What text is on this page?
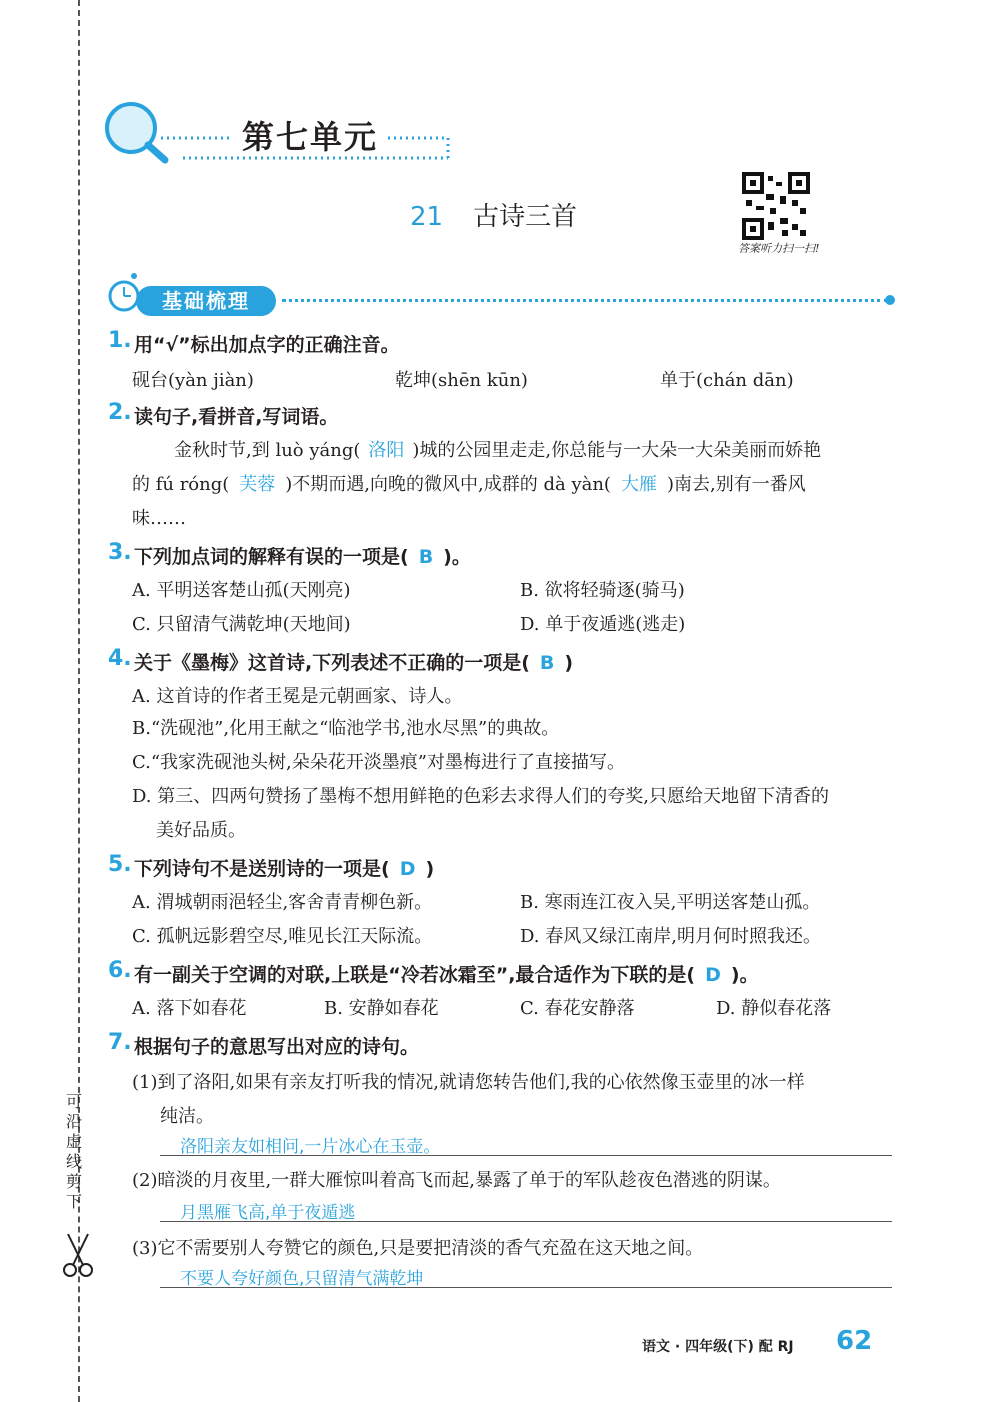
可沿虚线剪下
第七单元
21 古诗三首
答案听力扫一扫!
基础梳理
1. 用“√”标出加点字的正确注音。
砚台(yàn jiàn)	乾坤(shēn kūn)	单于(chán dān)
2. 读句子,看拼音,写词语。
金秋时节,到 luò yáng( 洛阳 )城的公园里走走,你总能与一大朵一大朵美丽而娇艳
的 fú róng( 芙蓉 )不期而遇,向晚的微风中,成群的 dà yàn( 大雁 )南去,别有一番风
味……
3. 下列加点词的解释有误的一项是( B )。
A. 平明送客楚山孤(天刚亮)	B. 欲将轻骑逐(骑马)
C. 只留清气满乾坤(天地间)	D. 单于夜遁逃(逃走)
4. 关于《墨梅》这首诗,下列表述不正确的一项是( B )
A. 这首诗的作者王冕是元朝画家、诗人。
B.“洗砚池”,化用王献之“临池学书,池水尽黑”的典故。
C.“我家洗砚池头树,朵朵花开淡墨痕”对墨梅进行了直接描写。
D. 第三、四两句赞扬了墨梅不想用鲜艳的色彩去求得人们的夸奖,只愿给天地留下清香的
美好品质。
5. 下列诗句不是送别诗的一项是( D )
A. 渭城朝雨浥轻尘,客舍青青柳色新。	B. 寒雨连江夜入吴,平明送客楚山孤。
C. 孤帆远影碧空尽,唯见长江天际流。	D. 春风又绿江南岸,明月何时照我还。
6. 有一副关于空调的对联,上联是“冷若冰霜至”,最合适作为下联的是( D )。
A. 落下如春花	B. 安静如春花	C. 春花安静落	D. 静似春花落
7. 根据句子的意思写出对应的诗句。
(1)到了洛阳,如果有亲友打听我的情况,就请您转告他们,我的心依然像玉壶里的冰一样
纯洁。
洛阳亲友如相问,一片冰心在玉壶。
(2)暗淡的月夜里,一群大雁惊叫着高飞而起,暴露了单于的军队趁夜色潜逃的阴谋。
月黑雁飞高,单于夜遁逃
(3)它不需要别人夸赞它的颜色,只是要把清淡的香气充盈在这天地之间。
不要人夸好颜色,只留清气满乾坤
语文 · 四年级(下) 配 RJ 62
